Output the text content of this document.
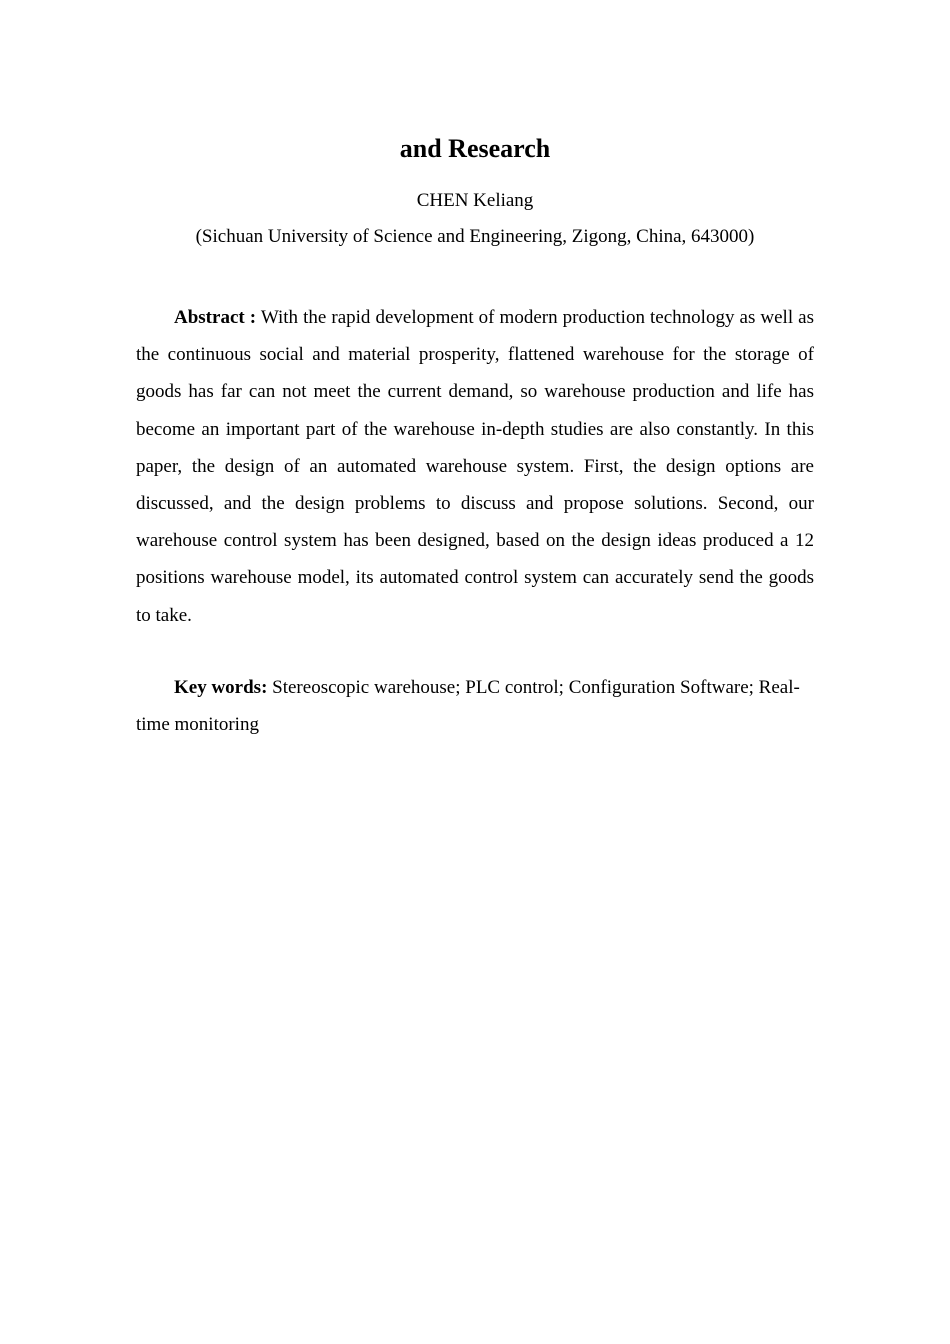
and Research
CHEN Keliang
(Sichuan University of Science and Engineering, Zigong, China, 643000)

Abstract : With the rapid development of modern production technology as well as the continuous social and material prosperity, flattened warehouse for the storage of goods has far can not meet the current demand, so warehouse production and life has become an important part of the warehouse in-depth studies are also constantly. In this paper, the design of an automated warehouse system. First, the design options are discussed, and the design problems to discuss and propose solutions. Second, our warehouse control system has been designed, based on the design ideas produced a 12 positions warehouse model, its automated control system can accurately send the goods to take.

Key words: Stereoscopic warehouse; PLC control; Configuration Software; Real-time monitoring
